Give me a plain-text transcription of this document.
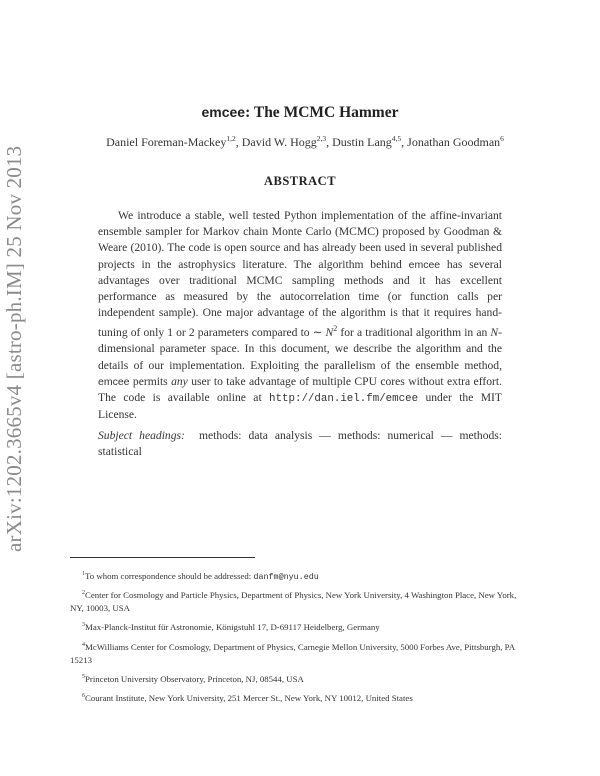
arXiv:1202.3665v4 [astro-ph.IM] 25 Nov 2013
emcee: The MCMC Hammer
Daniel Foreman-Mackey$^{1,2}$, David W. Hogg$^{2,3}$, Dustin Lang$^{4,5}$, Jonathan Goodman$^6$
ABSTRACT

We introduce a stable, well tested Python implementation of the affine-invariant ensemble sampler for Markov chain Monte Carlo (MCMC) proposed by Goodman & Weare (2010). The code is open source and has already been used in several published projects in the astrophysics literature. The algorithm behind emcee has several advantages over traditional MCMC sampling methods and it has excellent performance as measured by the autocorrelation time (or function calls per independent sample). One major advantage of the algorithm is that it requires hand-tuning of only 1 or 2 parameters compared to ∼ $N^2$ for a traditional algorithm in an N-dimensional parameter space. In this document, we describe the algorithm and the details of our implementation. Exploiting the parallelism of the ensemble method, emcee permits any user to take advantage of multiple CPU cores without extra effort. The code is available online at http://dan.iel.fm/emcee under the MIT License.

Subject headings: methods: data analysis — methods: numerical — methods: statistical
$^1$To whom correspondence should be addressed: danfm@nyu.edu
$^2$Center for Cosmology and Particle Physics, Department of Physics, New York University, 4 Washington Place, New York, NY, 10003, USA
$^3$Max-Planck-Institut für Astronomie, Königstuhl 17, D-69117 Heidelberg, Germany
$^4$McWilliams Center for Cosmology, Department of Physics, Carnegie Mellon University, 5000 Forbes Ave, Pittsburgh, PA 15213
$^5$Princeton University Observatory, Princeton, NJ, 08544, USA
$^6$Courant Institute, New York University, 251 Mercer St., New York, NY 10012, United States
